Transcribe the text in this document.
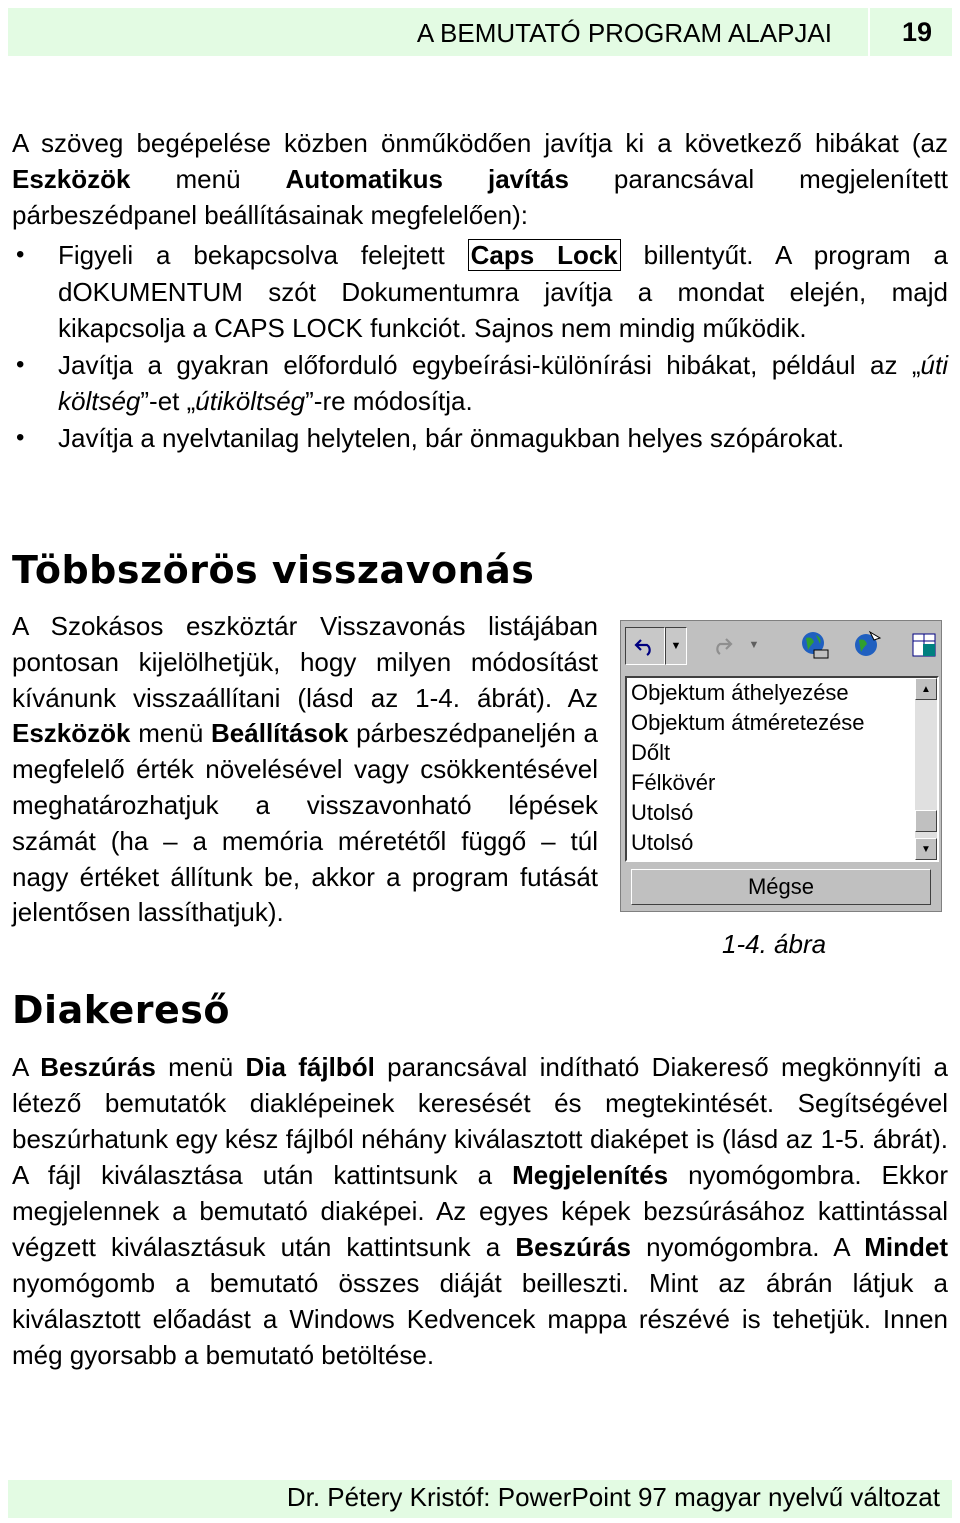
A BEMUTATÓ PROGRAM ALAPJAI	19
A szöveg begépelése közben önműködően javítja ki a következő hibákat (az Eszközök menü Automatikus javítás parancsával megjelenített párbeszédpanel beállításainak megfelelően):
• Figyeli a bekapcsolva felejtett Caps Lock billentyűt. A program a dOKUMENTUM szót Dokumentumra javítja a mondat elején, majd kikapcsolja a CAPS LOCK funkciót. Sajnos nem mindig működik.
• Javítja a gyakran előforduló egybeírási-különírási hibákat, például az „úti költség”-et „útiköltség”-re módosítja.
• Javítja a nyelvtanilag helytelen, bár önmagukban helyes szópárokat.
Többszörös visszavonás
A Szokásos eszköztár Visszavonás listájában pontosan kijelölhetjük, hogy milyen módosítást kívánunk visszaállítani (lásd az 1-4. ábrát). Az Eszközök menü Beállítások párbeszédpaneljén a megfelelő érték növelésével vagy csökkentésével meghatározhatjuk a visszavonható lépések számát (ha – a memória méretétől függő – túl nagy értéket állítunk be, akkor a program futását jelentősen lassíthatjuk).
▼	▼
Objektum áthelyezése
Objektum átméretezése
Dőlt
Félkövér
Utolsó
Utolsó
▲
▼
Mégse
1-4. ábra
Diakereső
A Beszúrás menü Dia fájlból parancsával indítható Diakereső megkönnyíti a létező bemutatók diaklépeinek keresését és megtekintését. Segítségével beszúrhatunk egy kész fájlból néhány kiválasztott diaképet is (lásd az 1-5. ábrát). A fájl kiválasztása után kattintsunk a Megjelenítés nyomógombra. Ekkor megjelennek a bemutató diaképei. Az egyes képek bezsúrásához kattintással végzett kiválasztásuk után kattintsunk a Beszúrás nyomógombra. A Mindet nyomógomb a bemutató összes diáját beilleszti. Mint az ábrán látjuk a kiválasztott előadást a Windows Kedvencek mappa részévé is tehetjük. Innen még gyorsabb a bemutató betöltése.
Dr. Pétery Kristóf: PowerPoint 97 magyar nyelvű változat
